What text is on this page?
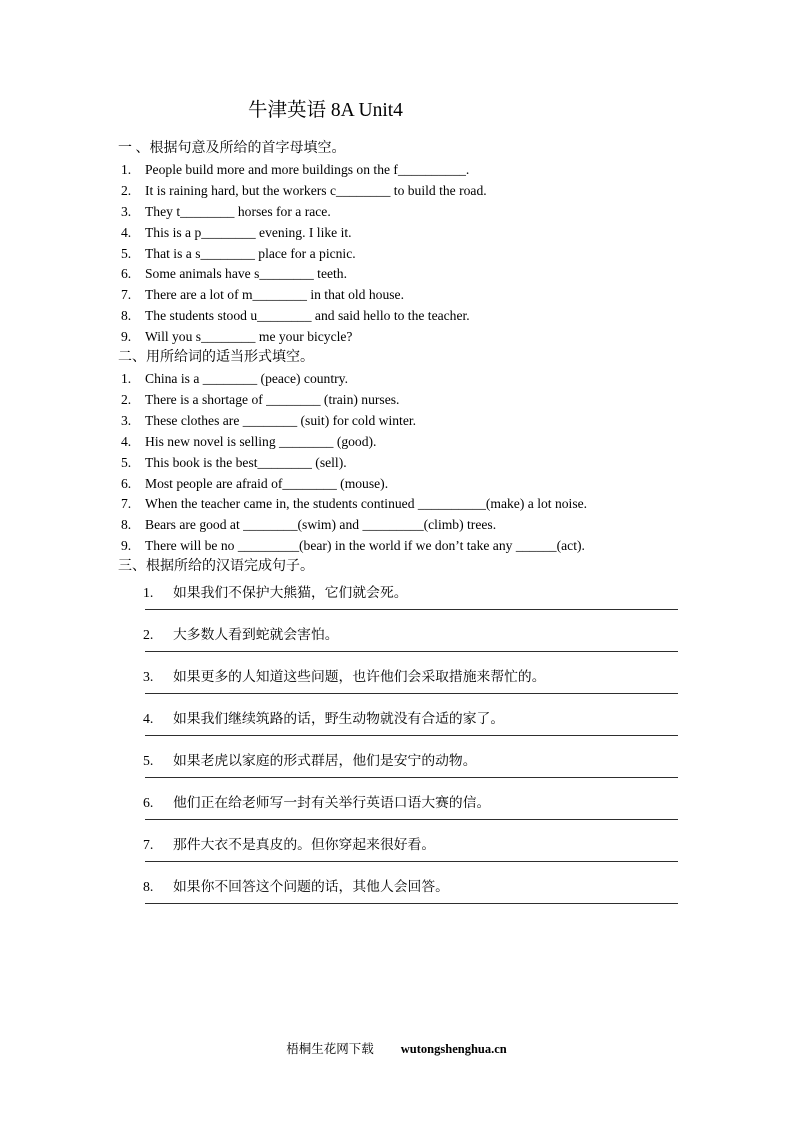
牛津英语 8A Unit4
一 、根据句意及所给的首字母填空。
1.	People build more and more buildings on the f__________.
2.	It is raining hard, but the workers c________ to build the road.
3.	They t________ horses for a race.
4.	This is a p________ evening. I like it.
5.	That is a s________ place for a picnic.
6.	Some animals have s________ teeth.
7.	There are a lot of m________ in that old house.
8.	The students stood u________ and said hello to the teacher.
9.	Will you s________ me your bicycle?
二、用所给词的适当形式填空。
1.	China is a ________ (peace) country.
2.	There is a shortage of ________ (train) nurses.
3.	These clothes are ________ (suit) for cold winter.
4.	His new novel is selling ________ (good).
5.	This book is the best________ (sell).
6.	Most people are afraid of________ (mouse).
7.	When the teacher came in, the students continued __________(make) a lot noise.
8.	Bears are good at ________(swim) and _________(climb) trees.
9.	There will be no _________(bear) in the world if we don’t take any ______(act).
三、根据所给的汉语完成句子。
1.	如果我们不保护大熊猫，它们就会死。
2.	大多数人看到蛇就会害怕。
3.	如果更多的人知道这些问题，也许他们会采取措施来帮忙的。
4.	如果我们继续筑路的话，野生动物就没有合适的家了。
5.	如果老虎以家庭的形式群居，他们是安宁的动物。
6.	他们正在给老师写一封有关举行英语口语大赛的信。
7.	那件大衣不是真皮的。但你穿起来很好看。
8.	如果你不回答这个问题的话，其他人会回答。
梧桐生花网下载 wutongshenghua.cn
